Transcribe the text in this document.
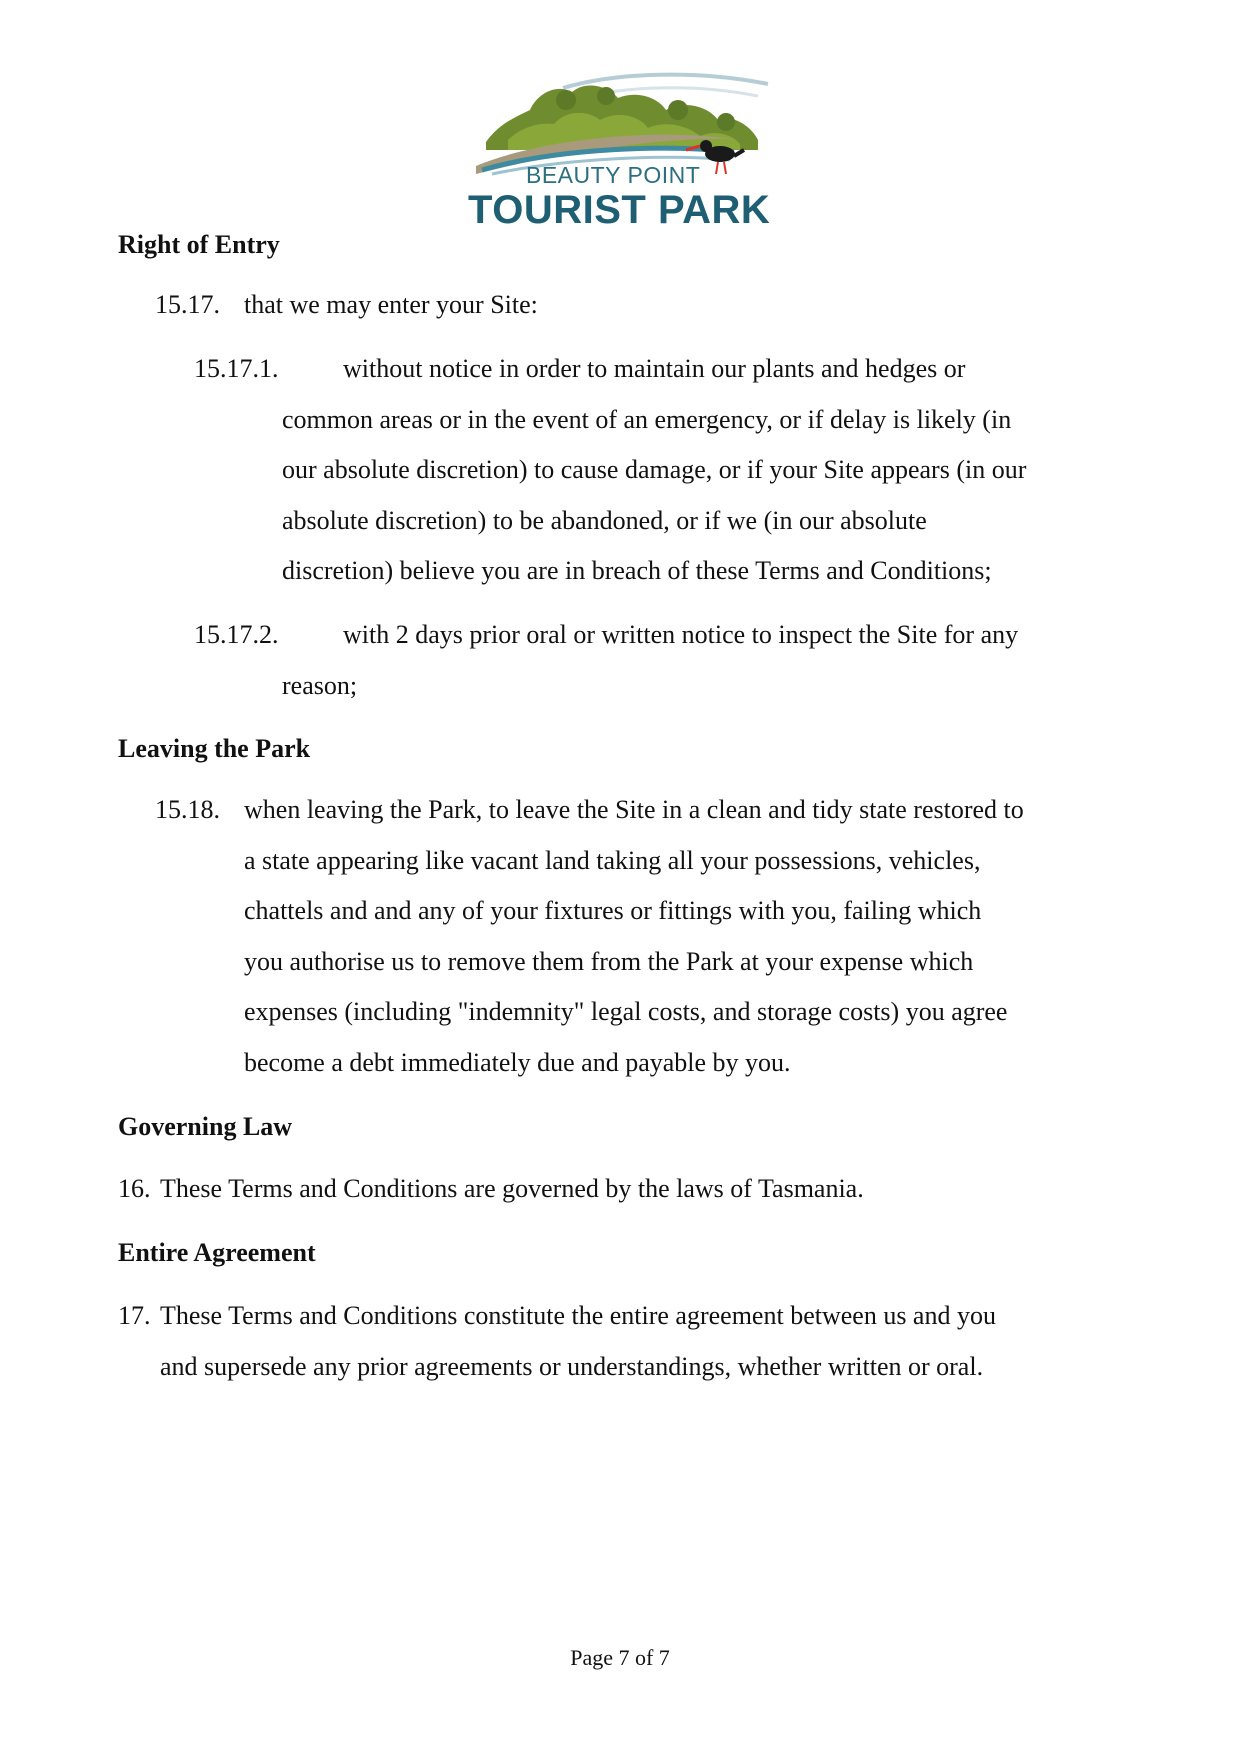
BEAUTY POINT
TOURIST PARK
Right of Entry
15.17. that we may enter your Site:
15.17.1. without notice in order to maintain our plants and hedges or
common areas or in the event of an emergency, or if delay is likely (in
our absolute discretion) to cause damage, or if your Site appears (in our
absolute discretion) to be abandoned, or if we (in our absolute
discretion) believe you are in breach of these Terms and Conditions;
15.17.2. with 2 days prior oral or written notice to inspect the Site for any
reason;
Leaving the Park
15.18. when leaving the Park, to leave the Site in a clean and tidy state restored to
a state appearing like vacant land taking all your possessions, vehicles,
chattels and and any of your fixtures or fittings with you, failing which
you authorise us to remove them from the Park at your expense which
expenses (including "indemnity" legal costs, and storage costs) you agree
become a debt immediately due and payable by you.
Governing Law
16. These Terms and Conditions are governed by the laws of Tasmania.
Entire Agreement
17. These Terms and Conditions constitute the entire agreement between us and you
and supersede any prior agreements or understandings, whether written or oral.
Page 7 of 7
